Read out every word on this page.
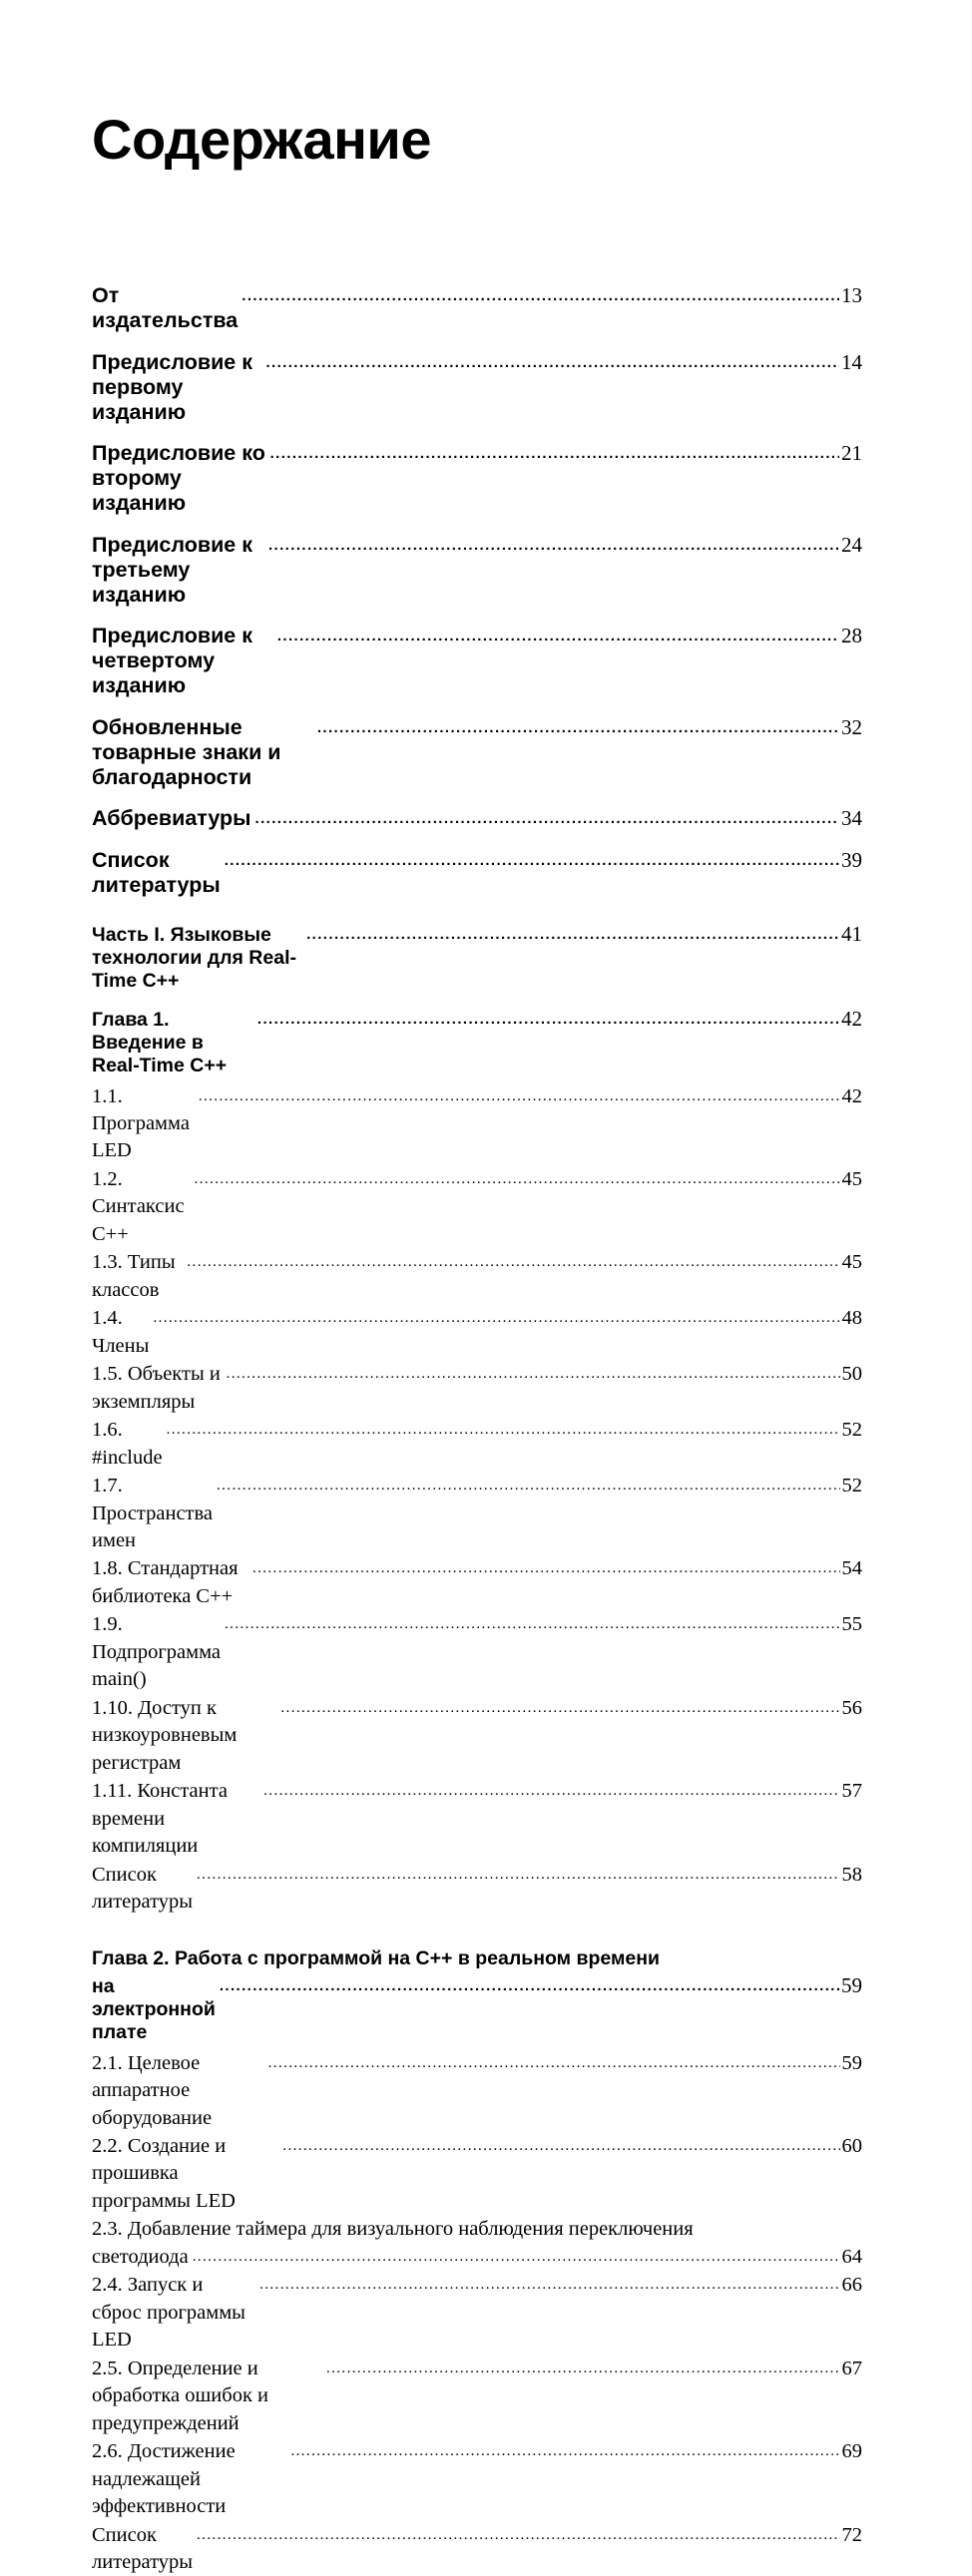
Содержание
От издательства
.....
13
Предисловие к первому изданию
.....
14
Предисловие ко второму изданию
.....
21
Предисловие к третьему изданию
.....
24
Предисловие к четвертому изданию
.....
28
Обновленные товарные знаки и благодарности
.....
32
Аббревиатуры .....	34
Список литературы
.....
39
Часть I. Языковые технологии для Real-Time C++
.....
41
Глава 1. Введение в Real-Time C++
.....
42
1.1. Программа LED
.....
42
1.2. Синтаксис C++
.....
45
1.3. Типы классов
.....
45
1.4. Члены
.....
48
1.5. Объекты и экземпляры
.....
50
1.6. #include
.....
52
1.7. Пространства имен
.....
52
1.8. Стандартная библиотека C++
.....
54
1.9. Подпрограмма main()
.....
55
1.10. Доступ к низкоуровневым регистрам
.....
56
1.11. Константа времени компиляции
.....
57
Список литературы
.....
58
Глава 2. Работа с программой на C++ в реальном времени
на электронной плате
.....
59
2.1. Целевое аппаратное оборудование
.....
59
2.2. Создание и прошивка программы LED
.....
60
2.3. Добавление таймера для визуального наблюдения переключения
светодиода .....	64
2.4. Запуск и сброс программы LED
.....
66
2.5. Определение и обработка ошибок и предупреждений
.....
67
2.6. Достижение надлежащей эффективности
.....
69
Список литературы
.....
72
